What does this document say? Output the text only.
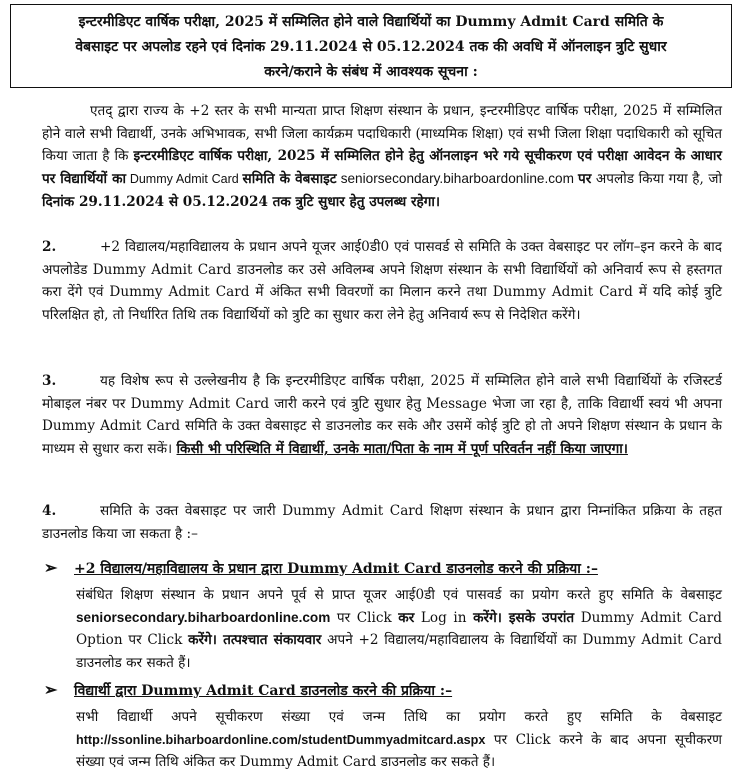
इन्टरमीडिएट वार्षिक परीक्षा, 2025 में सम्मिलित होने वाले विद्यार्थियों का Dummy Admit Card समिति के
वेबसाइट पर अपलोड रहने एवं दिनांक 29.11.2024 से 05.12.2024 तक की अवधि में ऑनलाइन त्रुटि सुधार
करने/कराने के संबंध में आवश्यक सूचना :
एतद् द्वारा राज्य के +2 स्तर के सभी मान्यता प्राप्त शिक्षण संस्थान के प्रधान, इन्टरमीडिएट वार्षिक परीक्षा, 2025 में सम्मिलित होने वाले सभी विद्यार्थी, उनके अभिभावक, सभी जिला कार्यक्रम पदाधिकारी (माध्यमिक शिक्षा) एवं सभी जिला शिक्षा पदाधिकारी को सूचित किया जाता है कि इन्टरमीडिएट वार्षिक परीक्षा, 2025 में सम्मिलित होने हेतु ऑनलाइन भरे गये सूचीकरण एवं परीक्षा आवेदन के आधार पर विद्यार्थियों का Dummy Admit Card समिति के वेबसाइट seniorsecondary.biharboardonline.com पर अपलोड किया गया है, जो दिनांक 29.11.2024 से 05.12.2024 तक त्रुटि सुधार हेतु उपलब्ध रहेगा।
2.	+2 विद्यालय/महाविद्यालय के प्रधान अपने यूजर आई0डी0 एवं पासवर्ड से समिति के उक्त वेबसाइट पर लॉग–इन करने के बाद अपलोडेड Dummy Admit Card डाउनलोड कर उसे अविलम्ब अपने शिक्षण संस्थान के सभी विद्यार्थियों को अनिवार्य रूप से हस्तगत करा देंगे एवं Dummy Admit Card में अंकित सभी विवरणों का मिलान करने तथा Dummy Admit Card में यदि कोई त्रुटि परिलक्षित हो, तो निर्धारित तिथि तक विद्यार्थियों को त्रुटि का सुधार करा लेने हेतु अनिवार्य रूप से निदेशित करेंगे।
3.	यह विशेष रूप से उल्लेखनीय है कि इन्टरमीडिएट वार्षिक परीक्षा, 2025 में सम्मिलित होने वाले सभी विद्यार्थियों के रजिस्टर्ड मोबाइल नंबर पर Dummy Admit Card जारी करने एवं त्रुटि सुधार हेतु Message भेजा जा रहा है, ताकि विद्यार्थी स्वयं भी अपना Dummy Admit Card समिति के उक्त वेबसाइट से डाउनलोड कर सके और उसमें कोई त्रुटि हो तो अपने शिक्षण संस्थान के प्रधान के माध्यम से सुधार करा सकें। किसी भी परिस्थिति में विद्यार्थी, उनके माता/पिता के नाम में पूर्ण परिवर्तन नहीं किया जाएगा।
4.	समिति के उक्त वेबसाइट पर जारी Dummy Admit Card शिक्षण संस्थान के प्रधान द्वारा निम्नांकित प्रक्रिया के तहत डाउनलोड किया जा सकता है :–
➢ +2 विद्यालय/महाविद्यालय के प्रधान द्वारा Dummy Admit Card डाउनलोड करने की प्रक्रिया :–
संबंधित शिक्षण संस्थान के प्रधान अपने पूर्व से प्राप्त यूजर आई0डी एवं पासवर्ड का प्रयोग करते हुए समिति के वेबसाइट seniorsecondary.biharboardonline.com पर Click कर Log in करेंगे। इसके उपरांत Dummy Admit Card Option पर Click करेंगे। तत्पश्चात संकायवार अपने +2 विद्यालय/महाविद्यालय के विद्यार्थियों का Dummy Admit Card डाउनलोड कर सकते हैं।
➢ विद्यार्थी द्वारा Dummy Admit Card डाउनलोड करने की प्रक्रिया :–
सभी विद्यार्थी अपने सूचीकरण संख्या एवं जन्म तिथि का प्रयोग करते हुए समिति के वेबसाइट http://ssonline.biharboardonline.com/studentDummyadmitcard.aspx पर Click करने के बाद अपना सूचीकरण संख्या एवं जन्म तिथि अंकित कर Dummy Admit Card डाउनलोड कर सकते हैं।
